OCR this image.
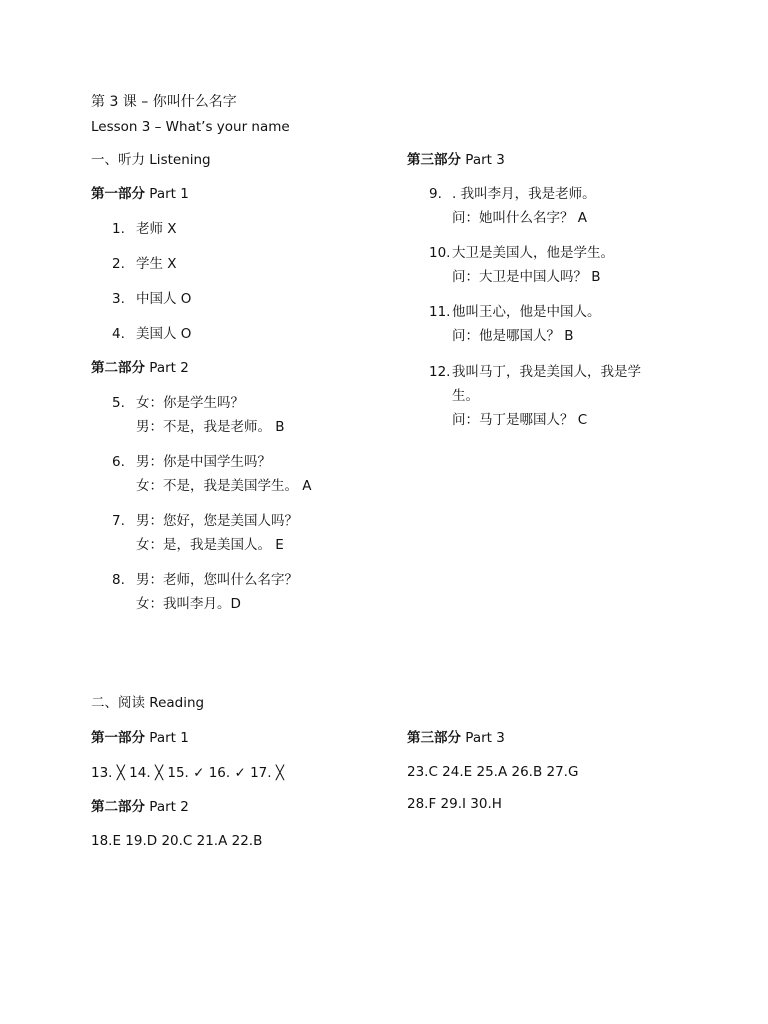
第 3 课 – 你叫什么名字
Lesson 3 – What’s your name
一、听力 Listening
第一部分 Part 1
1. 老师 X
2. 学生 X
3. 中国人 O
4. 美国人 O
第二部分 Part 2
5. 女：你是学生吗？
男：不是，我是老师。 B
6. 男：你是中国学生吗？
女：不是，我是美国学生。 A
7. 男：您好，您是美国人吗？
女：是，我是美国人。 E
8. 男：老师，您叫什么名字？
女：我叫李月。D
第三部分 Part 3
9. . 我叫李月，我是老师。
问：她叫什么名字？ A
10. 大卫是美国人，他是学生。
问：大卫是中国人吗？ B
11. 他叫王心，他是中国人。
问：他是哪国人？ B
12. 我叫马丁，我是美国人，我是学
生。
问：马丁是哪国人？ C
二、阅读 Reading
第一部分 Part 1
13. ╳ 14. ╳ 15. ✓ 16. ✓ 17. ╳
第二部分 Part 2
18.E 19.D 20.C 21.A 22.B
第三部分 Part 3
23.C 24.E 25.A 26.B 27.G
28.F 29.I 30.H
